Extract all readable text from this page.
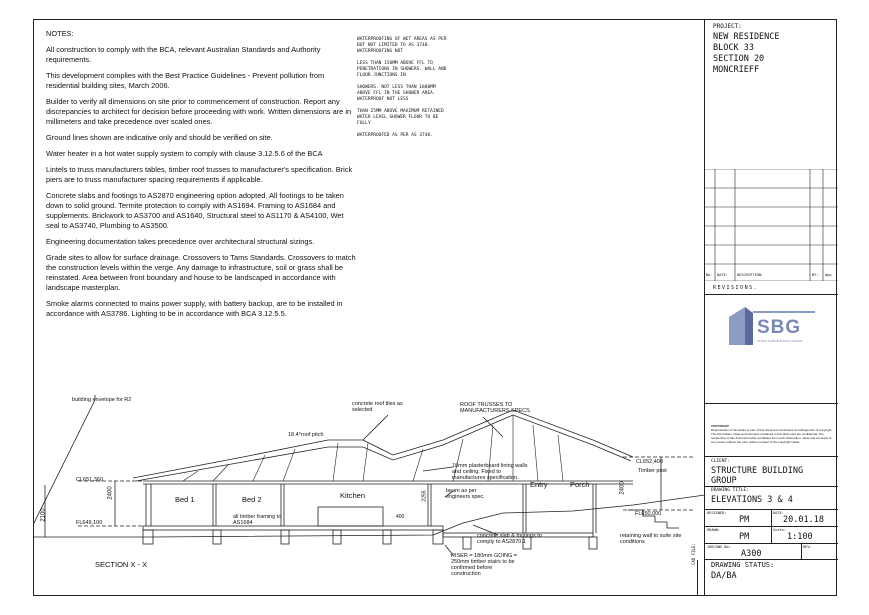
NOTES:

All construction to comply with the BCA, relevant Australian Standards and Authority requirements.

This development complies with the Best Practice Guidelines - Prevent pollution from residential building sites, March 2006.

Builder to verify all dimensions on site prior to commencement of construction. Report any discrepancies to architect for decision before proceeding with work. Written dimensions are in millimeters and take precedence over scaled ones.

Ground lines shown are indicative only and should be verified on site.

Water heater in a hot water supply system to comply with clause 3.12.5.6 of the BCA

Lintels to truss manufacturers tables, timber roof trusses to manufacturer's specification. Brick piers are to truss manufacturer spacing requirements if applicable.

Concrete slabs and footings to AS2870 engineering option adopted. All footings to be taken down to solid ground. Termite protection to comply with AS1694. Framing to AS1684 and supplements. Brickwork to AS3700 and AS1640, Structural steel to AS1170 & AS4100, Wet seal to AS3740, Plumbing to AS3500.

Engineering documentation takes precedence over architectural structural sizings.

Grade sites to allow for surface drainage. Crossovers to Tams Standards. Crossovers to match the construction levels within the verge. Any damage to infrastructure, soil or grass shall be reinstated. Area between front boundary and house to be landscaped in accordance with landscape masterplan.

Smoke alarms connected to mains power supply, with battery backup, are to be installed in accordance with AS3786. Lighting to be in accordance with BCA 3.12.5.5.

WATERPROOFING OF WET AREAS AS PER BUT NOT LIMITED TO AS 3740. WATERPROOFING NOT

LESS THAN 150MM ABOVE FFL TO PENETRATIONS IN SHOWERS. WALL AND FLOOR JUNCTIONS IN

SHOWERS. NOT LESS THAN 1800MM ABOVE FFL IN THE SHOWER AREA. WATERPROOF NOT LESS

THAN 25MM ABOVE MAXIMUM RETAINED WATER LEVEL SHOWER FLOOR TO BE FULLY

WATERPROOFED AS PER AS 3740.

building envelope for R2
concrete roof tiles as selected
ROOF TRUSSES TO MANUFACTURERS SPECS.
18.4°roof pitch
CL651,360
FL649,100
2400
2100
10mm plasterboard lining walls and ceiling. Fixed to manufactures specification.
beam as per engineers spec.
2255
all timber framing to AS1684
400
concrete slab & footings to comply to AS2870.1
RISER = 180mm GOING = 250mm timber stairs to be confirmed before construction
retaining wall to suite site conditions
CL652,400
FL650,000
Timber post
2400
Bed 1	Bed 2	Kitchen
Entry	Porch
SECTION X - X
PROJECT:
NEW RESIDENCE
BLOCK 33
SECTION 20
MONCRIEFF
No. DATE:	DESCRIPTION:	BY: App
REVISIONS.
SBG
STRUCTURE BUILDING GROUP
COPYRIGHT:
Reproduction of the whole or part of this document constitutes an infringement of copyright. The information, ideas and concepts contained in this document are confidential. The recipient(s) of this document is/are prohibited from such information, ideas and concepts to any person without the prior written consent of the copyright holder.
CLIENT:
STRUCTURE BUILDING
GROUP
DRAWING TITLE:
ELEVATIONS 3 & 4
DESIGNED:
PM
DATE:
20.01.18
DRAWN:
PM
Scale:
1:100
JOB/DWG No:
A300
REV:
DRAWING STATUS:
DA/BA
CAD FILE:
